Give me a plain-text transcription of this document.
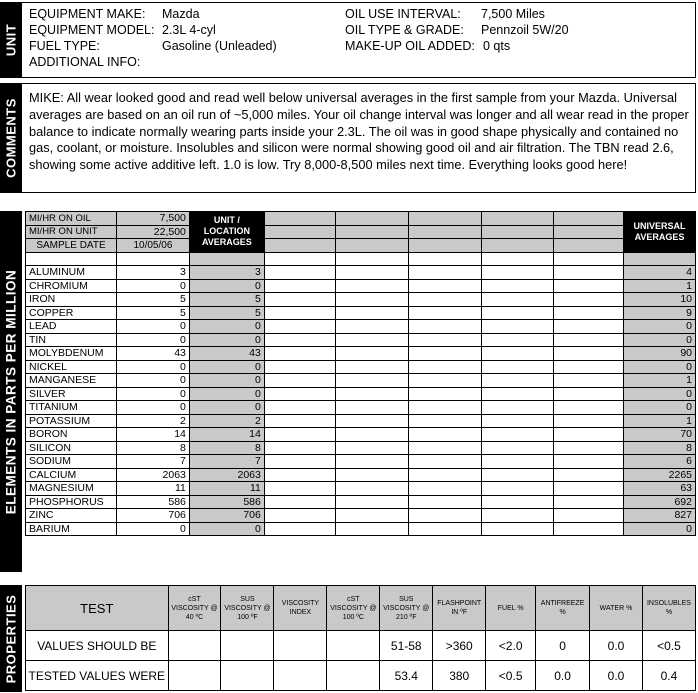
UNIT
EQUIPMENT MAKE: Mazda
EQUIPMENT MODEL: 2.3L 4-cyl
FUEL TYPE:	Gasoline (Unleaded)
ADDITIONAL INFO:
OIL USE INTERVAL: 7,500 Miles
OIL TYPE & GRADE: Pennzoil 5W/20
MAKE-UP OIL ADDED: 0 qts
COMMENTS
MIKE: All wear looked good and read well below universal averages in the first sample from your Mazda. Universal averages are based on an oil run of ~5,000 miles. Your oil change interval was longer and all wear read in the proper balance to indicate normally wearing parts inside your 2.3L. The oil was in good shape physically and contained no gas, coolant, or moisture. Insolubles and silicon were normal showing good oil and air filtration. The TBN read 2.6, showing some active additive left. 1.0 is low. Try 8,000-8,500 miles next time. Everything looks good here!
ELEMENTS IN PARTS PER MILLION
MI/HR ON OIL	7,500	UNIT / LOCATION AVERAGES						UNIVERSAL AVERAGES
MI/HR ON UNIT	22,500							
SAMPLE DATE	10/05/06							

ALUMINUM	3	3						4
CHROMIUM	0	0						1
IRON	5	5						10
COPPER	5	5						9
LEAD	0	0						0
TIN	0	0						0
MOLYBDENUM	43	43						90
NICKEL	0	0						0
MANGANESE	0	0						1
SILVER	0	0						0
TITANIUM	0	0						0
POTASSIUM	2	2						1
BORON	14	14						70
SILICON	8	8						8
SODIUM	7	7						6
CALCIUM	2063	2063						2265
MAGNESIUM	11	11						63
PHOSPHORUS	586	586						692
ZINC	706	706						827
BARIUM	0	0						0
PROPERTIES	TEST	cST VISCOSITY @ 40 ºC	SUS VISCOSITY @ 100 ºF	VISCOSITY INDEX	cST VISCOSITY @ 100 ºC	SUS VISCOSITY @ 210 ºF	FLASHPOINT IN ºF	FUEL %	ANTIFREEZE %	WATER %	INSOLUBLES %
VALUES SHOULD BE					51-58	>360	<2.0	0	0.0	<0.5
TESTED VALUES WERE					53.4	380	<0.5	0.0	0.0	0.4
